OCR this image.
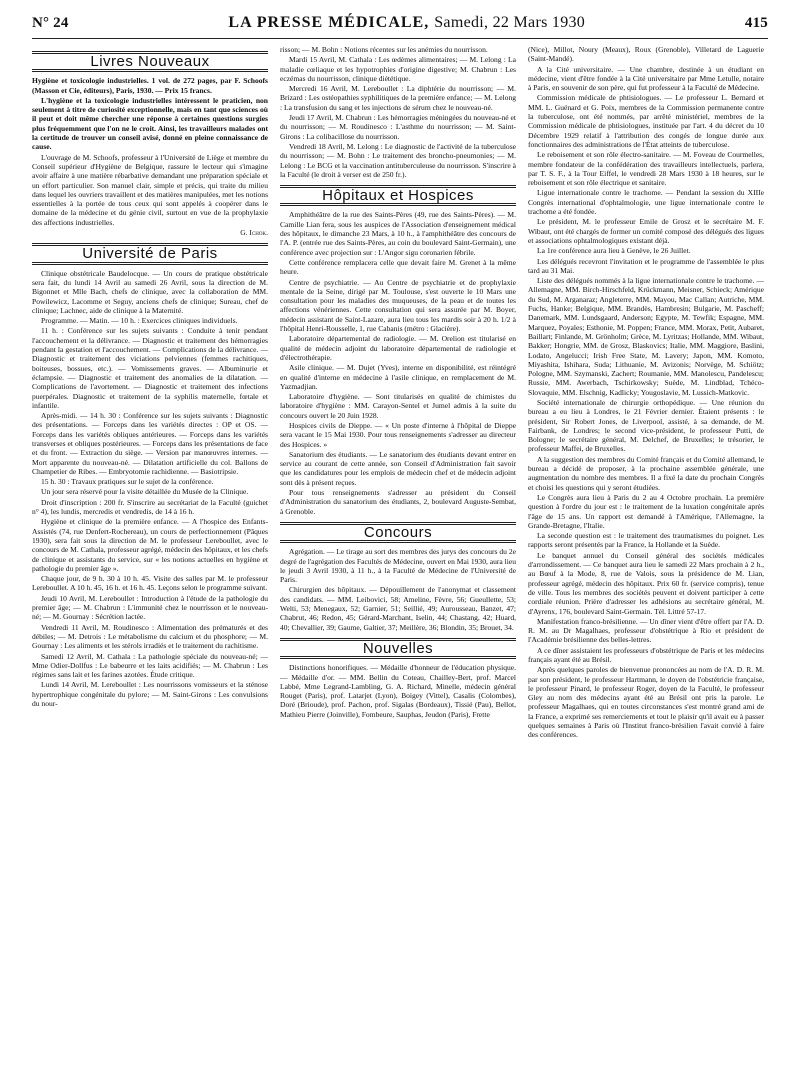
N° 24	LA PRESSE MÉDICALE, Samedi, 22 Mars 1930	415
Livres Nouveaux

Hygiène et toxicologie industrielles. 1 vol. de 272 pages, par F. Schoofs (Masson et Cie, éditeurs), Paris, 1930. — Prix 15 francs.

L'hygiène et la toxicologie industrielles intéressent le praticien, non seulement à titre de curiosité exceptionnelle, mais en tant que sciences où il peut et doit même chercher une réponse à certaines questions surgies plus fréquemment que l'on ne le croit. Ainsi, les travailleurs malades ont la certitude de trouver un conseil avisé, donné en pleine connaissance de cause.

L'ouvrage de M. Schoofs, professeur à l'Université de Liège et membre du Conseil supérieur d'Hygiène de Belgique, rassure le lecteur qui s'imagine avoir affaire à une matière rébarbative demandant une préparation spéciale et un effort particulier. Son manuel clair, simple et précis, qui traite du milieu dans lequel les ouvriers travaillent et des matières manipulées, met les notions essentielles à la portée de tous ceux qui sont appelés à coopérer dans le domaine de la médecine et du génie civil, surtout en vue de la prophylaxie des affections industrielles.

G. Ichok.

Université de Paris

Clinique obstétricale Baudelocque. — Un cours de pratique obstétricale sera fait, du lundi 14 Avril au samedi 26 Avril, sous la direction de M. Bigonnet et Mlle Bach, chefs de clinique, avec la collaboration de MM. Powilewicz, Lacomme et Seguy, anciens chefs de clinique; Sureau, chef de clinique; Lachnec, aide de clinique à la Maternité.

Programme. — Matin. — 10 h. : Exercices cliniques individuels.

11 h. : Conférence sur les sujets suivants : Conduite à tenir pendant l'accouchement et la délivrance. — Diagnostic et traitement des hémorragies pendant la gestation et l'accouchement. — Complications de la délivrance. — Diagnostic et traitement des viciations pelviennes (femmes rachitiques, boiteuses, bossues, etc.). — Vomissements graves. — Albuminurie et éclampsie. — Diagnostic et traitement des anomalies de la dilatation. — Complications de l'avortement. — Diagnostic et traitement des infections puerpérales. Diagnostic et traitement de la syphilis maternelle, fœtale et infantile.

Après-midi. — 14 h. 30 : Conférence sur les sujets suivants : Diagnostic des présentations. — Forceps dans les variétés directes : OP et OS. — Forceps dans les variétés obliques antérieures. — Forceps dans les variétés transverses et obliques postérieures. — Forceps dans les présentations de face et du front. — Extraction du siège. — Version par manœuvres internes. — Mort apparente du nouveau-né. — Dilatation artificielle du col. Ballons de Champetier de Ribes. — Embryotomie rachidienne. — Basiotripsie.

15 h. 30 : Travaux pratiques sur le sujet de la conférence.

Un jour sera réservé pour la visite détaillée du Musée de la Clinique.

Droit d'inscription : 200 fr. S'inscrire au secrétariat de la Faculté (guichet n° 4), les lundis, mercredis et vendredis, de 14 à 16 h.

Hygiène et clinique de la première enfance. — A l'hospice des Enfants-Assistés (74, rue Denfert-Rochereau), un cours de perfectionnement (Pâques 1930), sera fait sous la direction de M. le professeur Lereboullet, avec le concours de M. Cathala, professeur agrégé, médecin des hôpitaux, et les chefs de clinique et assistants du service, sur « les notions actuelles en hygiène et pathologie du premier âge ».

Chaque jour, de 9 h. 30 à 10 h. 45. Visite des salles par M. le professeur Lereboullet. A 10 h. 45, 16 h. et 16 h. 45. Leçons selon le programme suivant.

Jeudi 10 Avril, M. Lereboullet : Introduction à l'étude de la pathologie du premier âge; — M. Chabrun : L'immunité chez le nourrisson et le nouveau-né; — M. Gournay : Sécrétion lactée.

Vendredi 11 Avril, M. Roudinesco : Alimentation des prématurés et des débiles; — M. Detrois : Le métabolisme du calcium et du phosphore; — M. Gournay : Les aliments et les stérols irradiés et le traitement du rachitisme.

Samedi 12 Avril, M. Cathala : La pathologie spéciale du nouveau-né; — Mme Odier-Dollfus : Le babeurre et les laits acidifiés; — M. Chabrun : Les régimes sans lait et les farines azotées. Étude critique.

Lundi 14 Avril, M. Lereboullet : Les nourrissons vomisseurs et la sténose hypertrophique congénitale du pylore; — M. Saint-Girons : Les convulsions du nour-

risson; — M. Bohn : Notions récentes sur les anémies du nourrisson.

Mardi 15 Avril, M. Cathala : Les œdèmes alimentaires; — M. Lelong : La maladie cœliaque et les hypotrophies d'origine digestive; M. Chabrun : Les eczémas du nourrisson, clinique diététique.

Mercredi 16 Avril, M. Lereboullet : La diphtérie du nourrisson; — M. Brizard : Les ostéopathies syphilitiques de la première enfance; — M. Lelong : La transfusion du sang et les injections de sérum chez le nouveau-né.

Jeudi 17 Avril, M. Chabrun : Les hémorragies méningées du nouveau-né et du nourrisson; — M. Roudinesco : L'asthme du nourrisson; — M. Saint-Girons : La colibacillose du nourrisson.

Vendredi 18 Avril, M. Lelong : Le diagnostic de l'activité de la tuberculose du nourrisson; — M. Bohn : Le traitement des broncho-pneumonies; — M. Lelong : Le BCG et la vaccination antituberculeuse du nourrisson. S'inscrire à la Faculté (le droit à verser est de 250 fr.).

Hôpitaux et Hospices

Amphithéâtre de la rue des Saints-Pères (49, rue des Saints-Pères). — M. Camille Lian fera, sous les auspices de l'Association d'enseignement médical des hôpitaux, le dimanche 23 Mars, à 10 h., à l'amphithéâtre des concours de l'A. P. (entrée rue des Saints-Pères, au coin du boulevard Saint-Germain), une conférence avec projection sur : L'Angor sigu coronarien fébrile.

Cette conférence remplacera celle que devait faire M. Grenet à la même heure.

Centre de psychiatrie. — Au Centre de psychiatrie et de prophylaxie mentale de la Seine, dirigé par M. Toulouse, s'est ouverte le 10 Mars une consultation pour les maladies des muqueuses, de la peau et de toutes les affections vénériennes. Cette consultation qui sera assurée par M. Boyer, médecin assistant de Saint-Lazare, aura lieu tous les mardis soir à 20 h. 1/2 à l'hôpital Henri-Rousselle, 1, rue Cabanis (métro : Glacière).

Laboratoire départemental de radiologie. — M. Orelion est titularisé en qualité de médecin adjoint du laboratoire départemental de radiologie et d'électrothérapie.

Asile clinique. — M. Dujet (Yves), interne en disponibilité, est réintégré en qualité d'interne en médecine à l'asile clinique, en remplacement de M. Yazmadjian.

Laboratoire d'hygiène. — Sont titularisés en qualité de chimistes du laboratoire d'hygiène : MM. Carayon-Sentel et Jumel admis à la suite du concours ouvert le 20 Juin 1928.

Hospices civils de Dieppe. — « Un poste d'interne à l'hôpital de Dieppe sera vacant le 15 Mai 1930. Pour tous renseignements s'adresser au directeur des Hospices. »

Sanatorium des étudiants. — Le sanatorium des étudiants devant entrer en service au courant de cette année, son Conseil d'Administration fait savoir que les candidatures pour les emplois de médecin chef et de médecin adjoint sont dès à présent reçues.

Pour tous renseignements s'adresser au président du Conseil d'Administration du sanatorium des étudiants, 2, boulevard Auguste-Sembat, à Grenoble.

Concours

Agrégation. — Le tirage au sort des membres des jurys des concours du 2e degré de l'agrégation des Facultés de Médecine, ouvert en Mai 1930, aura lieu le jeudi 3 Avril 1930, à 11 h., à la Faculté de Médecine de l'Université de Paris.

Chirurgien des hôpitaux. — Dépouillement de l'anonymat et classement des candidats. — MM. Leibovici, 58; Ameline, Fèvre, 56; Gueullette, 53; Welti, 53; Menegaux, 52; Garnier, 51; Seillié, 49; Aurousseau, Banzet, 47; Chabrut, 46; Redon, 45; Gérard-Marchant, Iselin, 44; Chastang, 42; Huard, 40; Chevallier, 39; Gaume, Galtier, 37; Meillère, 36; Blondin, 35; Brouet, 34.

Nouvelles

Distinctions honorifiques. — Médaille d'honneur de l'éducation physique. — Médaille d'or. — MM. Bellin du Coteau, Chailley-Bert, prof. Marcel Labbé, Mme Legrand-Lambling, G. A. Richard, Minelle, médecin général Rouget (Paris), prof. Latarjet (Lyon), Boigey (Vittel), Casalis (Colombes), Doré (Brioude), prof. Pachon, prof. Sigalas (Bordeaux), Tissié (Pau), Bellot, Mathieu Pierre (Joinville), Fombeure, Sauphas, Jeudon (Paris), Frette

(Nice), Millot, Noury (Meaux), Roux (Grenoble), Villetard de Laguerie (Saint-Mandé).

A la Cité universitaire. — Une chambre, destinée à un étudiant en médecine, vient d'être fondée à la Cité universitaire par Mme Letulle, notaire à Paris, en souvenir de son père, qui fut professeur à la Faculté de Médecine.

Commission médicale de phtisiologues. — Le professeur L. Bernard et MM. L. Guénard et G. Poix, membres de la Commission permanente contre la tuberculose, ont été nommés, par arrêté ministériel, membres de la Commission médicale de phtisiologues, instituée par l'art. 4 du décret du 10 Décembre 1929 relatif à l'attribution des congés de longue durée aux fonctionnaires des administrations de l'État atteints de tuberculose.

Le reboisement et son rôle électro-sanitaire. — M. Foveau de Courmelles, membre fondateur de la confédération des travailleurs intellectuels, parlera, par T. S. F., à la Tour Eiffel, le vendredi 28 Mars 1930 à 18 heures, sur le reboisement et son rôle électrique et sanitaire.

Ligue internationale contre le trachome. — Pendant la session du XIIIe Congrès international d'ophtalmologie, une ligue internationale contre le trachome a été fondée.

Le président, M. le professeur Emile de Grosz et le secrétaire M. F. Wibaut, ont été chargés de former un comité composé des délégués des ligues et associations ophtalmologiques existant déjà.

La 1re conférence aura lieu à Genève, le 26 Juillet.

Les délégués recevront l'invitation et le programme de l'assemblée le plus tard au 31 Mai.

Liste des délégués nommés à la ligue internationale contre le trachome. — Allemagne, MM. Birch-Hirschfeld, Krückmann, Meisner, Schieck; Amérique du Sud, M. Arganaraz; Angleterre, MM. Mayou, Mac Callan; Autriche, MM. Fuchs, Hanke; Belgique, MM. Brandès, Hambresin; Bulgarie, M. Pascheff; Danemark, MM. Lundsgaard, Anderson; Egypte, M. Tewfik; Espagne, MM. Marquez, Poyales; Esthonie, M. Poppen; France, MM. Morax, Petit, Aubaret, Baillart; Finlande, M. Grönholm; Grèce, M. Lyritzas; Hollande, MM. Wibaut, Bakker; Hongrie, MM. de Grosz, Blaskovics; Italie, MM. Maggiore, Baslini, Lodato, Angelucci; Irish Free State, M. Lavery; Japon, MM. Komoto, Miyashita, Ishihara, Suda; Lithuanie, M. Avizonis; Norvège, M. Schiötz; Pologne, MM. Szymanski, Zachert; Roumanie, MM. Manolescu, Pandelescu; Russie, MM. Awerbach, Tschirkowsky; Suède, M. Lindblad, Tchéco-Slovaquie, MM. Elschnig, Kadlicky; Yougoslavie, M. Lussich-Matkovic.

Société internationale de chirurgie orthopédique. — Une réunion du bureau a eu lieu à Londres, le 21 Février dernier. Étaient présents : le président, Sir Robert Jones, de Liverpool, assisté, à sa demande, de M. Fairbank, de Londres; le second vice-président, le professeur Putti, de Bologne; le secrétaire général, M. Delchef, de Bruxelles; le trésorier, le professeur Maffei, de Bruxelles.

A la suggestion des membres du Comité français et du Comité allemand, le bureau a décidé de proposer, à la prochaine assemblée générale, une augmentation du nombre des membres. Il a fixé la date du prochain Congrès et choisi les questions qui y seront étudiées.

Le Congrès aura lieu à Paris du 2 au 4 Octobre prochain. La première question à l'ordre du jour est : le traitement de la luxation congénitale après l'âge de 15 ans. Un rapport est demandé à l'Amérique, l'Allemagne, la Grande-Bretagne, l'Italie.

La seconde question est : le traitement des traumatismes du poignet. Les rapports seront présentés par la France, la Hollande et la Suède.

Le banquet annuel du Conseil général des sociétés médicales d'arrondissement. — Ce banquet aura lieu le samedi 22 Mars prochain à 2 h., au Bœuf à la Mode, 8, rue de Valois, sous la présidence de M. Lian, professeur agrégé, médecin des hôpitaux. Prix 60 fr. (service compris), tenue de ville. Tous les membres des sociétés peuvent et doivent participer à cette cordiale réunion. Prière d'adresser les adhésions au secrétaire général, M. d'Ayrenx, 176, boulevard Saint-Germain. Tél. Littré 57-17.

Manifestation franco-brésilienne. — Un dîner vient d'être offert par l'A. D. R. M. au Dr Magalhaes, professeur d'obstétrique à Rio et président de l'Académie brésilienne des belles-lettres.

A ce dîner assistaient les professeurs d'obstétrique de Paris et les médecins français ayant été au Brésil.

Après quelques paroles de bienvenue prononcées au nom de l'A. D. R. M. par son président, le professeur Hartmann, le doyen de l'obstétricie française, le professeur Pinard, le professeur Roger, doyen de la Faculté, le professeur Gley au nom des médecins ayant été au Brésil ont pris la parole. Le professeur Magalhaes, qui en toutes circonstances s'est montré grand ami de la France, a exprimé ses remerciements et tout le plaisir qu'il avait eu à passer quelques semaines à Paris où l'Institut franco-brésilien l'avait convié à faire des conférences.
